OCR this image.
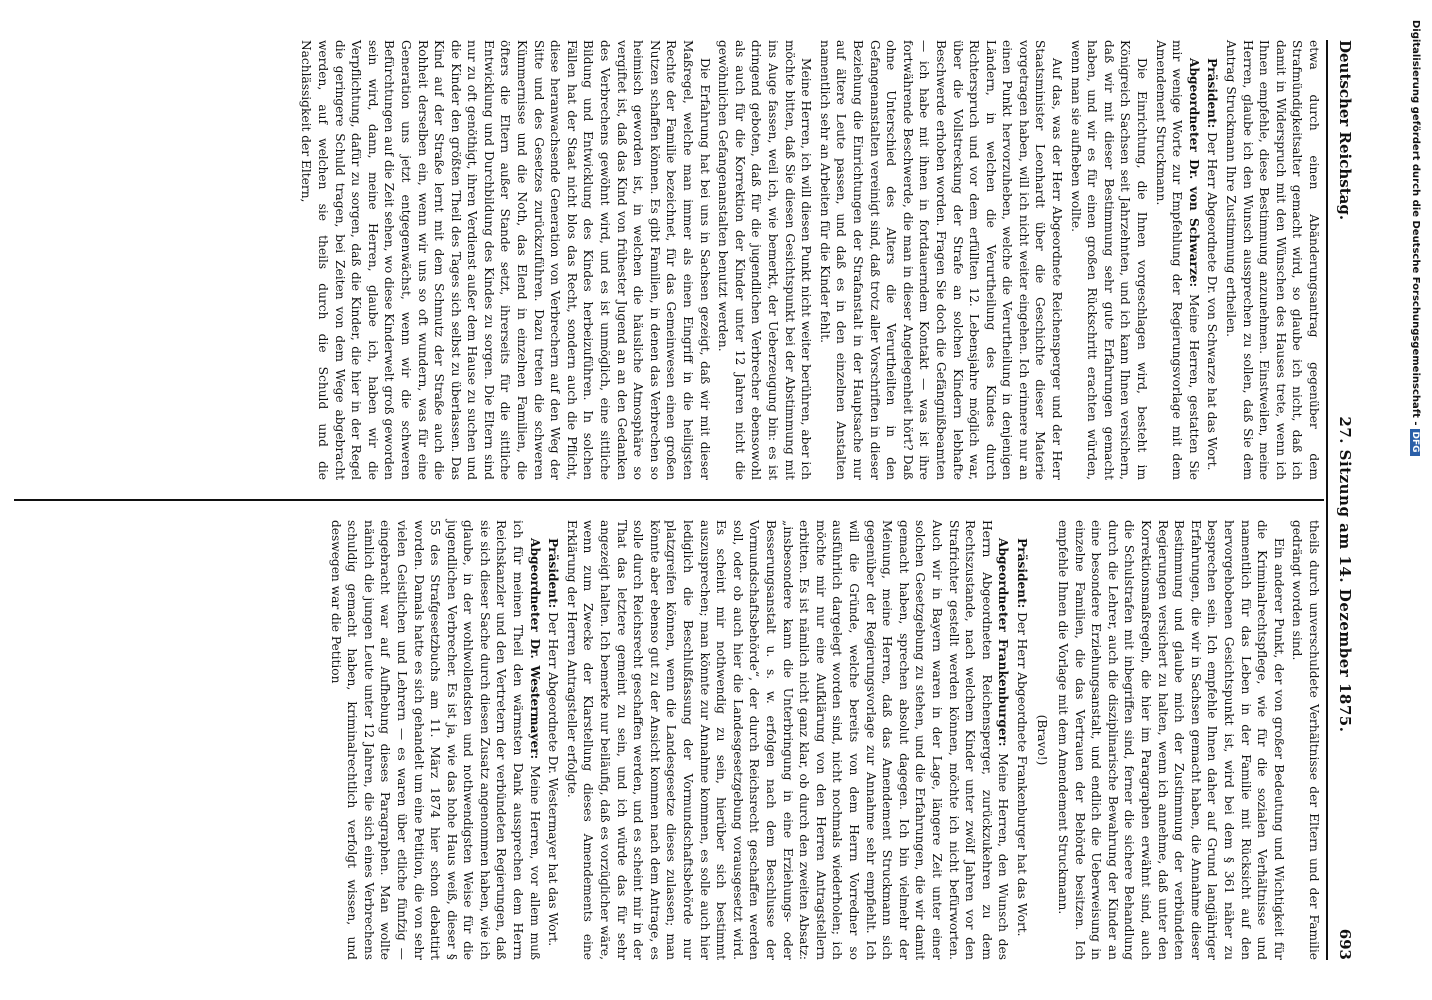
Deutscher Reichstag.
27. Sitzung am 14. Dezember 1875.
693

etwa durch einen Abänderungsantrag gegenüber dem Strafmündigkeitsalter gemacht wird, so glaube ich nicht, daß ich damit in Widerspruch mit den Wünschen des Hauses trete, wenn ich Ihnen empfehle, diese Bestimmung anzunehmen. Einstweilen, meine Herren, glaube ich den Wunsch aussprechen zu sollen, daß Sie dem Antrag Struckmann Ihre Zustimmung ertheilen.

Präsident: Der Herr Abgeordnete Dr. von Schwarze hat das Wort.

Abgeordneter Dr. von Schwarze: Meine Herren, gestatten Sie mir wenige Worte zur Empfehlung der Regierungsvorlage mit dem Amendement Struckmann.

Die Einrichtung, die Ihnen vorgeschlagen wird, besteht im Königreich Sachsen seit Jahrzehnten, und ich kann Ihnen versichern, daß wir mit dieser Bestimmung sehr gute Erfahrungen gemacht haben, und wir es für einen großen Rückschritt erachten würden, wenn man sie aufheben wollte.

Auf das, was der Herr Abgeordnete Reichensperger und der Herr Staatsminister Leonhardt über die Geschichte dieser Materie vorgetragen haben, will ich nicht weiter eingehen. Ich erinnere nur an einen Punkt hervorzuheben, welche die Verurtheilung in denjenigen Ländern, in welchen die Verurtheilung des Kindes durch Richterspruch und vor dem erfüllten 12. Lebensjahre möglich war, über die Vollstreckung der Strafe an solchen Kindern lebhafte Beschwerde erhoben worden. Fragen Sie doch die Gefängnißbeamten — ich habe mit ihnen in fortdauerndem Kontakt — was ist ihre fortwährende Beschwerde, die man in dieser Angelegenheit hört? Daß ohne Unterschied des Alters die Verurtheilten in den Gefangenanstalten vereinigt sind, daß trotz aller Vorschriften in dieser Beziehung die Einrichtungen der Strafanstalt in der Hauptsache nur auf ältere Leute passen, und daß es in den einzelnen Anstalten namentlich sehr an Arbeiten für die Kinder fehlt.

Meine Herren, ich will diesen Punkt nicht weiter berühren, aber ich möchte bitten, daß Sie diesen Gesichtspunkt bei der Abstimmung mit ins Auge fassen, weil ich, wie bemerkt, der Ueberzeugung bin: es ist dringend geboten, daß für die jugendlichen Verbrecher ebensowohl als auch für die Korrektion der Kinder unter 12 Jahren nicht die gewöhnlichen Gefangenanstalten benutzt werden.

Die Erfahrung hat bei uns in Sachsen gezeigt, daß wir mit dieser Maßregel, welche man immer als einen Eingriff in die heiligsten Rechte der Familie bezeichnet, für das Gemeinwesen einen großen Nutzen schaffen können. Es gibt Familien, in denen das Verbrechen so heimisch geworden ist, in welchen die häusliche Atmosphäre so vergiftet ist, daß das Kind von frühester Jugend an an den Gedanken des Verbrechens gewöhnt wird, und es ist unmöglich, eine sittliche Bildung und Entwicklung des Kindes herbeizuführen. In solchen Fällen hat der Staat nicht blos das Recht, sondern auch die Pflicht, diese heranwachsende Generation von Verbrechern auf den Weg der Sitte und des Gesetzes zurückzuführen. Dazu treten die schweren Kümmernisse und die Noth, das Elend in einzelnen Familien, die öfters die Eltern außer Stande setzt, ihrerseits für die sittliche Entwicklung und Durchbildung des Kindes zu sorgen. Die Eltern sind nur zu oft genöthigt, ihren Verdienst außer dem Hause zu suchen und die Kinder den größten Theil des Tages sich selbst zu überlassen. Das Kind auf der Straße lernt mit dem Schmutz der Straße auch die Rohheit derselben ein, wenn wir uns so oft wundern, was für eine Generation uns jetzt entgegenwächst, wenn wir die schweren Befürchtungen auf die Zeit sehen, wo diese Kinderwelt groß geworden sein wird, dann, meine Herren, glaube ich, haben wir die Verpflichtung, dafür zu sorgen, daß die Kinder, die hier in der Regel die geringere Schuld tragen, bei Zeiten von dem Wege abgebracht werden, auf welchen sie theils durch die Schuld und die Nachlässigkeit der Eltern,

theils durch unverschuldete Verhältnisse der Eltern und der Familie gedrängt worden sind.

Ein anderer Punkt, der von großer Bedeutung und Wichtigkeit für die Kriminalrechtspflege, wie für die sozialen Verhältnisse und namentlich für das Leben in der Familie mit Rücksicht auf den hervorgehobenen Gesichtspunkt ist, wird bei dem § 361 näher zu besprechen sein. Ich empfehle Ihnen daher auf Grund langjähriger Erfahrungen, die wir in Sachsen gemacht haben, die Annahme dieser Bestimmung und glaube mich der Zustimmung der verbündeten Regierungen versichert zu halten, wenn ich annehme, daß unter den Korrektionsmaßregeln, die hier im Paragraphen erwähnt sind, auch die Schulstrafen mit inbegriffen sind, ferner die sichere Behandlung durch die Lehrer, auch die disziplinarische Bewahrung der Kinder an eine besondere Erziehungsanstalt, und endlich die Ueberweisung in einzelne Familien, die das Vertrauen der Behörde besitzen. Ich empfehle Ihnen die Vorlage mit dem Amendement Struckmann.

(Bravo!)

Präsident: Der Herr Abgeordnete Frankenburger hat das Wort.

Abgeordneter Frankenburger: Meine Herren, den Wunsch des Herrn Abgeordneten Reichensperger, zurückzukehren zu dem Rechtszustande, nach welchem Kinder unter zwölf Jahren vor den Strafrichter gestellt werden können, möchte ich nicht befürworten. Auch wir in Bayern waren in der Lage, längere Zeit unter einer solchen Gesetzgebung zu stehen, und die Erfahrungen, die wir damit gemacht haben, sprechen absolut dagegen. Ich bin vielmehr der Meinung, meine Herren, daß das Amendement Struckmann sich gegenüber der Regierungsvorlage zur Annahme sehr empfiehlt. Ich will die Gründe, welche bereits von dem Herrn Vorredner so ausführlich dargelegt worden sind, nicht nochmals wiederholen; ich möchte mir nur eine Aufklärung von den Herren Antragstellern erbitten. Es ist nämlich nicht ganz klar, ob durch den zweiten Absatz: „insbesondere kann die Unterbringung in eine Erziehungs- oder Besserungsanstalt u. s. w. erfolgen nach dem Beschlusse der Vormundschaftsbehörde“, der durch Reichsrecht geschaffen werden soll, oder ob auch hier die Landesgesetzgebung vorausgesetzt wird. Es scheint mir nothwendig zu sein, hierüber sich bestimmt auszusprechen; man könnte zur Annahme kommen, es solle auch hier lediglich die Beschlußfassung der Vormundschaftsbehörde nur platzgreifen können, wenn die Landesgesetze dieses zulassen; man könnte aber ebenso gut zu der Ansicht kommen nach dem Antrage, es solle durch Reichsrecht geschaffen werden, und es scheint mir in der That das letztere gemeint zu sein, und ich würde das für sehr angezeigt halten. Ich bemerke nur beiläufig, daß es vorzüglicher wäre, wenn zum Zwecke der Klarstellung dieses Amendements eine Erklärung der Herren Antragsteller erfolgte.

Präsident: Der Herr Abgeordnete Dr. Westermayer hat das Wort.

Abgeordneter Dr. Westermayer: Meine Herren, vor allem muß ich für meinen Theil den wärmsten Dank aussprechen dem Herrn Reichskanzler und den Vertretern der verbündeten Regierungen, daß sie sich dieser Sache durch diesen Zusatz angenommen haben, wie ich glaube, in der wohlwollendsten und nothwendigsten Weise für die jugendlichen Verbrecher. Es ist ja, wie das hohe Haus weiß, dieser § 55 des Strafgesetzbuchs am 11. März 1874 hier schon debattirt worden. Damals hatte es sich gehandelt um eine Petition, die von sehr vielen Geistlichen und Lehrern — es waren über etliche fünfzig — eingebracht war auf Aufhebung dieses Paragraphen. Man wollte nämlich die jungen Leute unter 12 Jahren, die sich eines Verbrechens schuldig gemacht haben, kriminalrechtlich verfolgt wissen, und deswegen war die Petition

Digitalisierung gefördert durch die Deutsche Forschungsgemeinschaft -DFG
